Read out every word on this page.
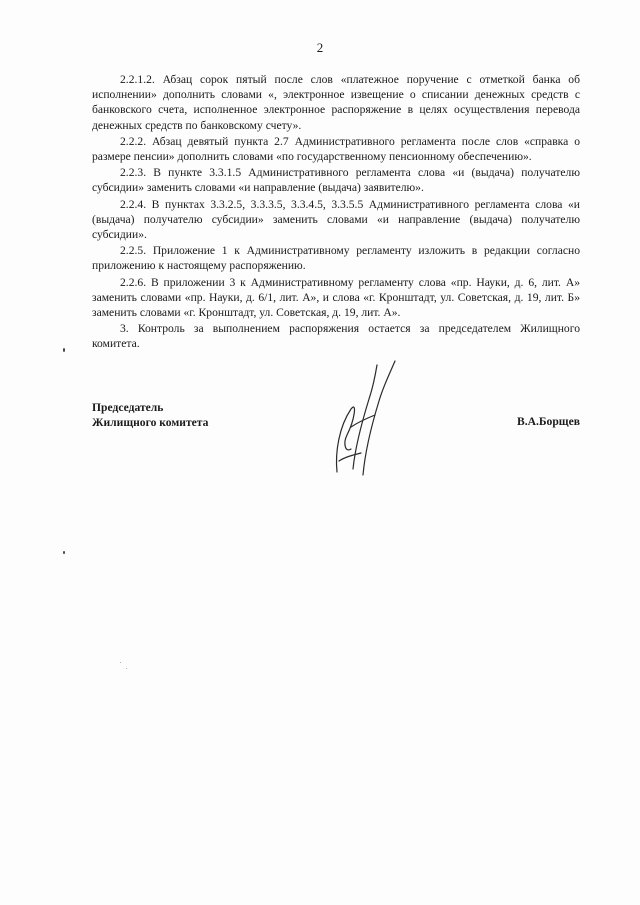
2

2.2.1.2. Абзац сорок пятый после слов «платежное поручение с отметкой банка об исполнении» дополнить словами «, электронное извещение о списании денежных средств с банковского счета, исполненное электронное распоряжение в целях осуществления перевода денежных средств по банковскому счету».

2.2.2. Абзац девятый пункта 2.7 Административного регламента после слов «справка о размере пенсии» дополнить словами «по государственному пенсионному обеспечению».

2.2.3. В пункте 3.3.1.5 Административного регламента слова «и (выдача) получателю субсидии» заменить словами «и направление (выдача) заявителю».

2.2.4. В пунктах 3.3.2.5, 3.3.3.5, 3.3.4.5, 3.3.5.5 Административного регламента слова «и (выдача) получателю субсидии» заменить словами «и направление (выдача) получателю субсидии».

2.2.5. Приложение 1 к Административному регламенту изложить в редакции согласно приложению к настоящему распоряжению.

2.2.6. В приложении 3 к Административному регламенту слова «пр. Науки, д. 6, лит. А» заменить словами «пр. Науки, д. 6/1, лит. А», и слова «г. Кронштадт, ул. Советская, д. 19, лит. Б» заменить словами «г. Кронштадт, ул. Советская, д. 19, лит. А».

3. Контроль за выполнением распоряжения остается за председателем Жилищного комитета.

Председатель
Жилищного комитета	В.А.Борщев
